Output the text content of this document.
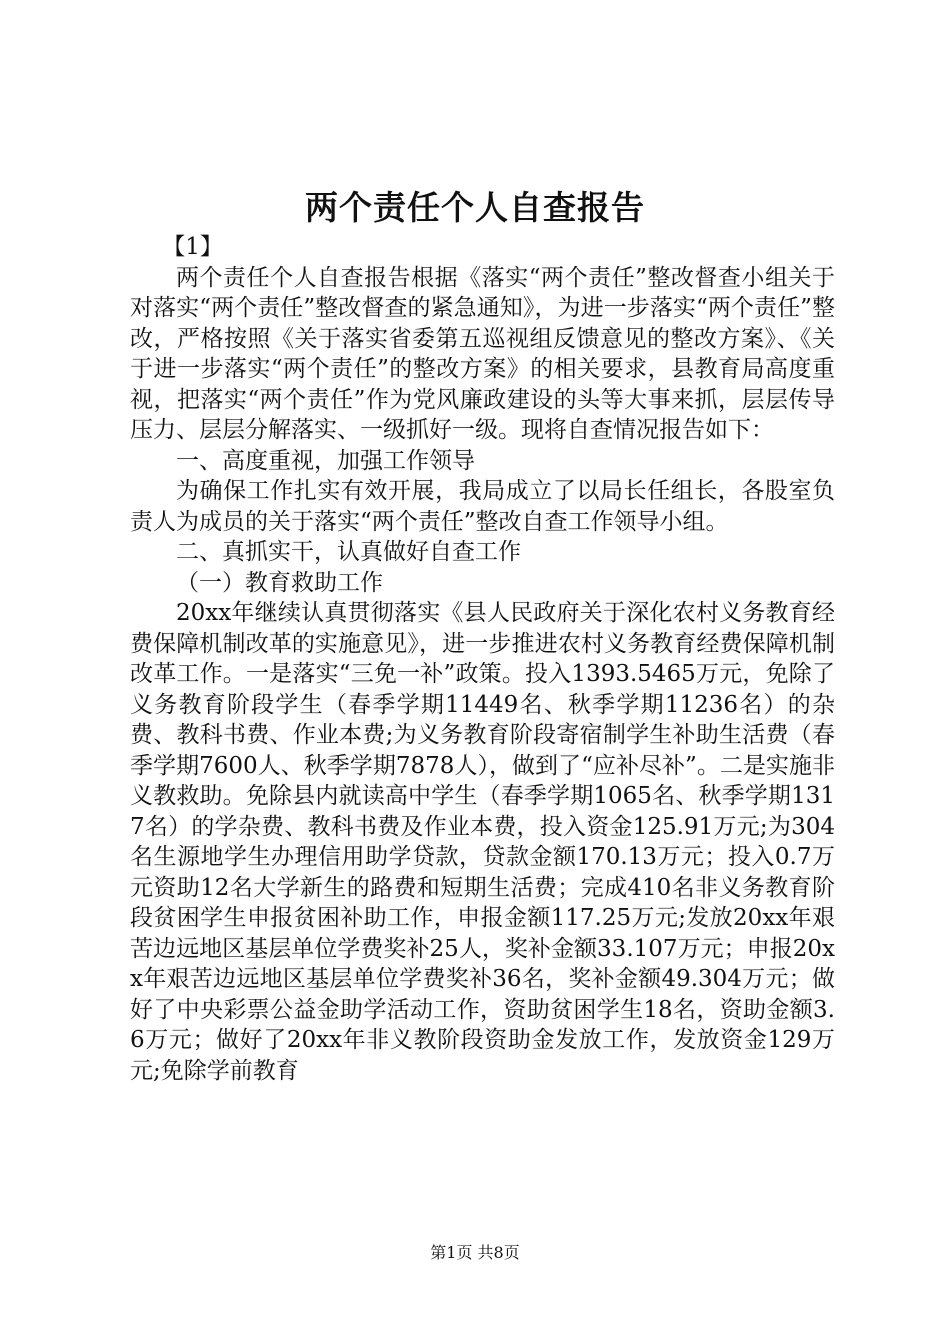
两个责任个人自查报告

【1】

两个责任个人自查报告根据《落实“两个责任”整改督查小组关于对落实“两个责任”整改督查的紧急通知》，为进一步落实“两个责任”整改，严格按照《关于落实省委第五巡视组反馈意见的整改方案》、《关于进一步落实“两个责任”的整改方案》的相关要求，县教育局高度重视，把落实“两个责任”作为党风廉政建设的头等大事来抓，层层传导压力、层层分解落实、一级抓好一级。现将自查情况报告如下：

一、高度重视，加强工作领导

为确保工作扎实有效开展，我局成立了以局长任组长，各股室负责人为成员的关于落实“两个责任”整改自查工作领导小组。

二、真抓实干，认真做好自查工作

（一）教育救助工作

20xx年继续认真贯彻落实《县人民政府关于深化农村义务教育经费保障机制改革的实施意见》，进一步推进农村义务教育经费保障机制改革工作。一是落实“三免一补”政策。投入1393.5465万元，免除了义务教育阶段学生（春季学期11449名、秋季学期11236名）的杂费、教科书费、作业本费;为义务教育阶段寄宿制学生补助生活费（春季学期7600人、秋季学期7878人），做到了“应补尽补”。二是实施非义教救助。免除县内就读高中学生（春季学期1065名、秋季学期1317名）的学杂费、教科书费及作业本费，投入资金125.91万元;为304名生源地学生办理信用助学贷款，贷款金额170.13万元；投入0.7万元资助12名大学新生的路费和短期生活费；完成410名非义务教育阶段贫困学生申报贫困补助工作，申报金额117.25万元;发放20xx年艰苦边远地区基层单位学费奖补25人，奖补金额33.107万元；申报20xx年艰苦边远地区基层单位学费奖补36名，奖补金额49.304万元；做好了中央彩票公益金助学活动工作，资助贫困学生18名，资助金额3.6万元；做好了20xx年非义教阶段资助金发放工作，发放资金129万元;免除学前教育

第1页 共8页
